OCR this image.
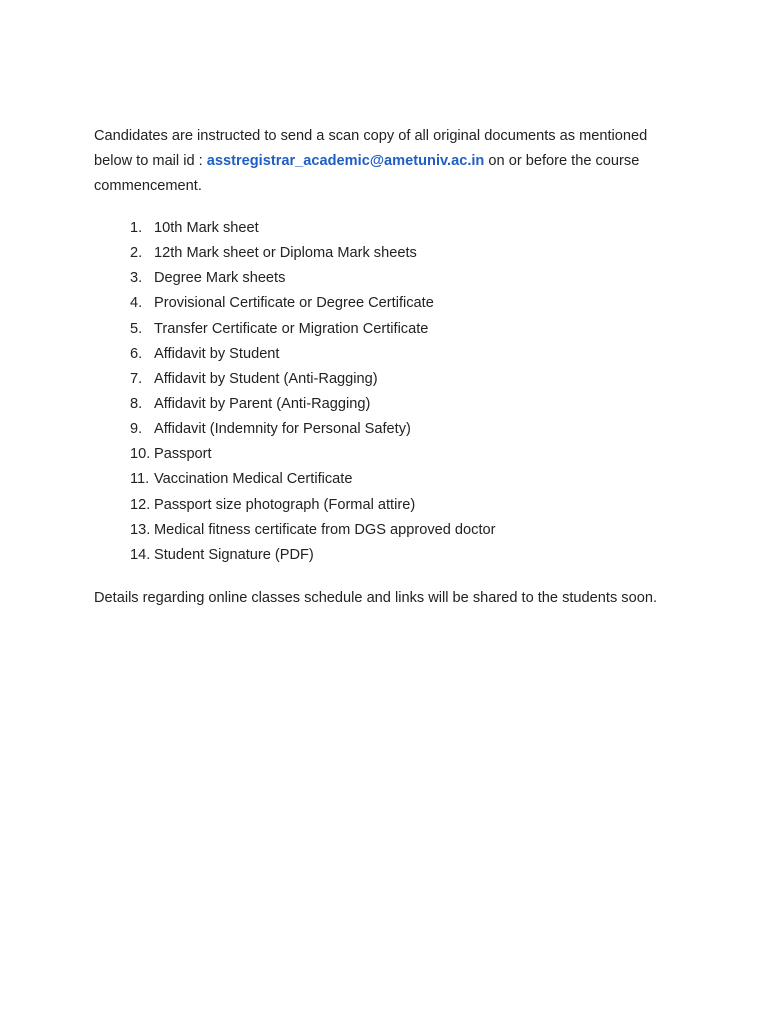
Candidates are instructed to send a scan copy of all original documents as mentioned below to mail id : asstregistrar_academic@ametuniv.ac.in on or before the course commencement.

1. 10th Mark sheet
2. 12th Mark sheet or Diploma Mark sheets
3. Degree Mark sheets
4. Provisional Certificate or Degree Certificate
5. Transfer Certificate or Migration Certificate
6. Affidavit by Student
7. Affidavit by Student (Anti-Ragging)
8. Affidavit by Parent (Anti-Ragging)
9. Affidavit (Indemnity for Personal Safety)
10. Passport
11. Vaccination Medical Certificate
12. Passport size photograph (Formal attire)
13. Medical fitness certificate from DGS approved doctor
14. Student Signature (PDF)

Details regarding online classes schedule and links will be shared to the students soon.
